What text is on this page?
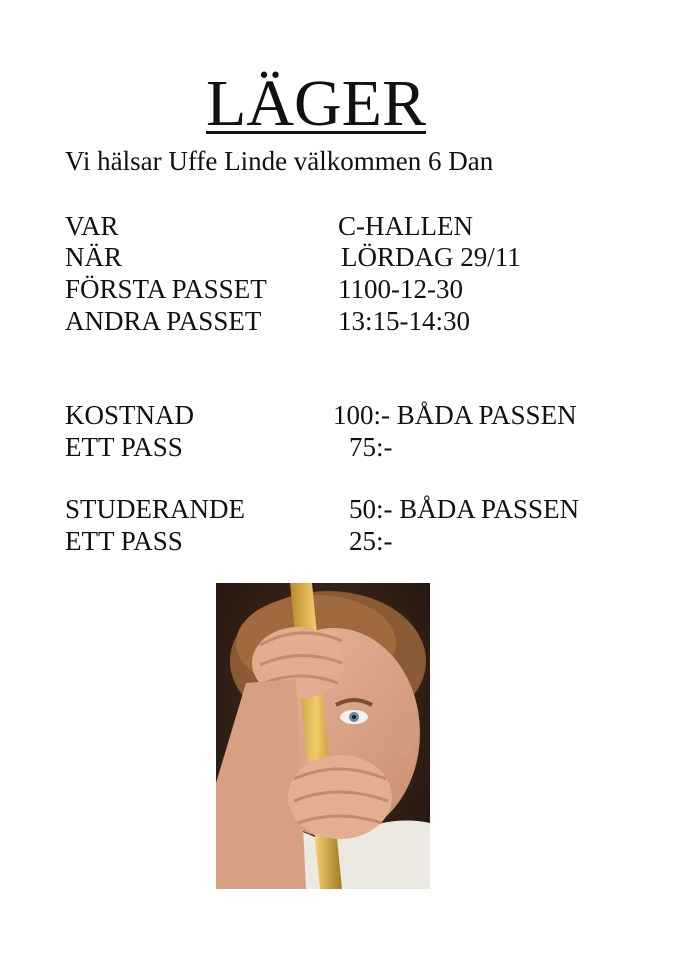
LÄGER
Vi hälsar Uffe Linde välkommen 6 Dan
VAR	C-HALLEN
NÄR	LÖRDAG 29/11
FÖRSTA PASSET	1100-12-30
ANDRA PASSET	13:15-14:30
KOSTNAD	100:- BÅDA PASSEN
ETT PASS	75:-
STUDERANDE	50:- BÅDA PASSEN
ETT PASS	25:-
